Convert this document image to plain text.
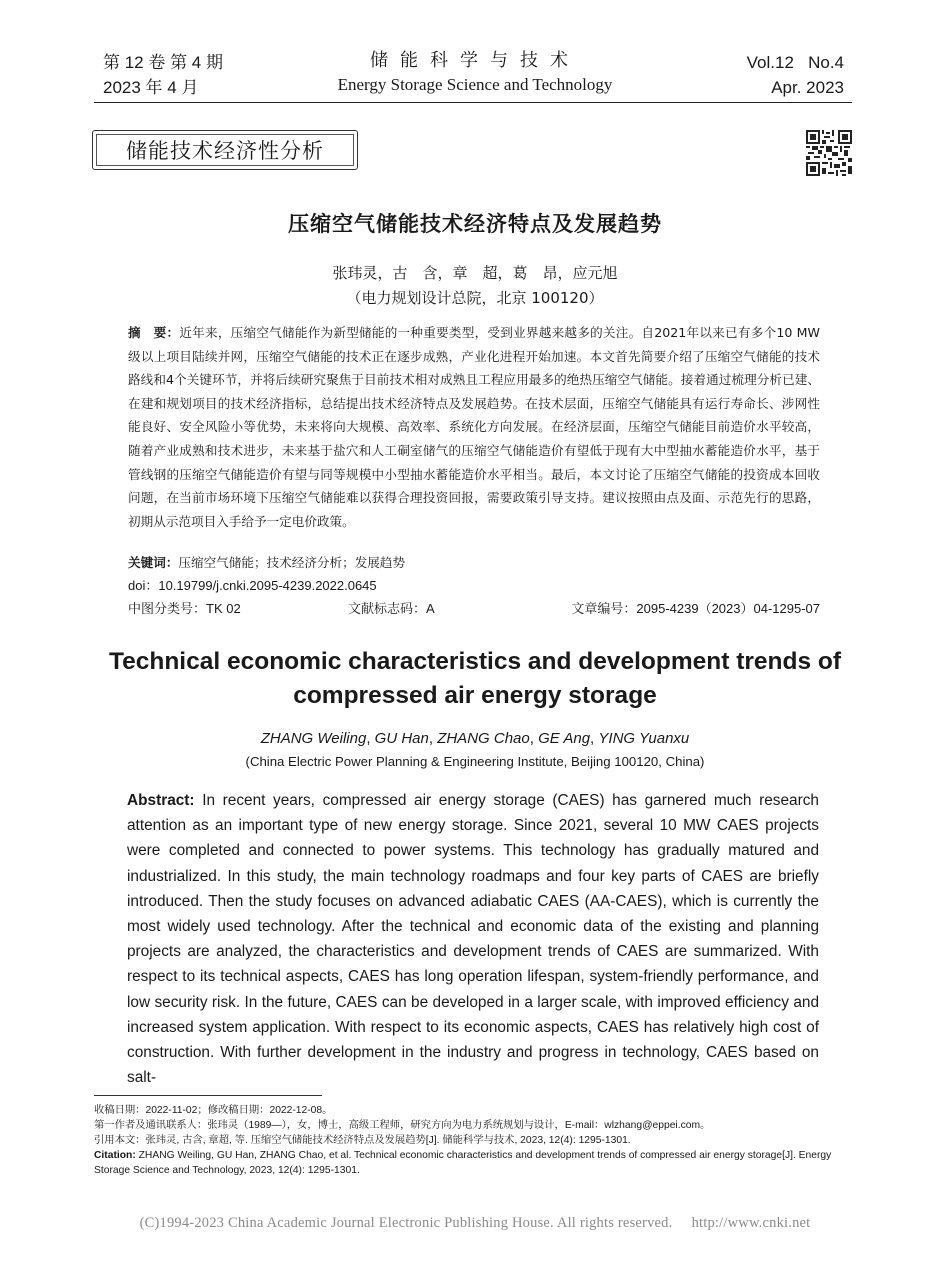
第 12 卷 第 4 期
2023 年 4 月
储能科学与技术
Energy Storage Science and Technology
Vol.12   No.4
Apr. 2023
储能技术经济性分析
压缩空气储能技术经济特点及发展趋势
张玮灵，古　含，章　超，葛　昂，应元旭
（电力规划设计总院，北京 100120）
摘　要：近年来，压缩空气储能作为新型储能的一种重要类型，受到业界越来越多的关注。自2021年以来已有多个10 MW级以上项目陆续并网，压缩空气储能的技术正在逐步成熟，产业化进程开始加速。本文首先简要介绍了压缩空气储能的技术路线和4个关键环节，并将后续研究聚焦于目前技术相对成熟且工程应用最多的绝热压缩空气储能。接着通过梳理分析已建、在建和规划项目的技术经济指标，总结提出技术经济特点及发展趋势。在技术层面，压缩空气储能具有运行寿命长、涉网性能良好、安全风险小等优势，未来将向大规模、高效率、系统化方向发展。在经济层面，压缩空气储能目前造价水平较高，随着产业成熟和技术进步，未来基于盐穴和人工硐室储气的压缩空气储能造价有望低于现有大中型抽水蓄能造价水平，基于管线钢的压缩空气储能造价有望与同等规模中小型抽水蓄能造价水平相当。最后，本文讨论了压缩空气储能的投资成本回收问题，在当前市场环境下压缩空气储能难以获得合理投资回报，需要政策引导支持。建议按照由点及面、示范先行的思路，初期从示范项目入手给予一定电价政策。
关键词：压缩空气储能；技术经济分析；发展趋势
doi：10.19799/j.cnki.2095-4239.2022.0645
中图分类号：TK 02	文献标志码：A	文章编号：2095-4239（2023）04-1295-07
Technical economic characteristics and development trends of compressed air energy storage
ZHANG Weiling, GU Han, ZHANG Chao, GE Ang, YING Yuanxu
(China Electric Power Planning & Engineering Institute, Beijing 100120, China)
Abstract: In recent years, compressed air energy storage (CAES) has garnered much research attention as an important type of new energy storage. Since 2021, several 10 MW CAES projects were completed and connected to power systems. This technology has gradually matured and industrialized. In this study, the main technology roadmaps and four key parts of CAES are briefly introduced. Then the study focuses on advanced adiabatic CAES (AA-CAES), which is currently the most widely used technology. After the technical and economic data of the existing and planning projects are analyzed, the characteristics and development trends of CAES are summarized. With respect to its technical aspects, CAES has long operation lifespan, system-friendly performance, and low security risk. In the future, CAES can be developed in a larger scale, with improved efficiency and increased system application. With respect to its economic aspects, CAES has relatively high cost of construction. With further development in the industry and progress in technology, CAES based on salt-
收稿日期：2022-11-02；修改稿日期：2022-12-08。
第一作者及通讯联系人：张玮灵（1989—），女，博士，高级工程师，研究方向为电力系统规划与设计，E-mail：wlzhang@eppei.com。
引用本文：张玮灵, 古含, 章超, 等. 压缩空气储能技术经济特点及发展趋势[J]. 储能科学与技术, 2023, 12(4): 1295-1301.
Citation: ZHANG Weiling, GU Han, ZHANG Chao, et al. Technical economic characteristics and development trends of compressed air energy storage[J]. Energy Storage Science and Technology, 2023, 12(4): 1295-1301.
(C)1994-2023 China Academic Journal Electronic Publishing House. All rights reserved.     http://www.cnki.net
